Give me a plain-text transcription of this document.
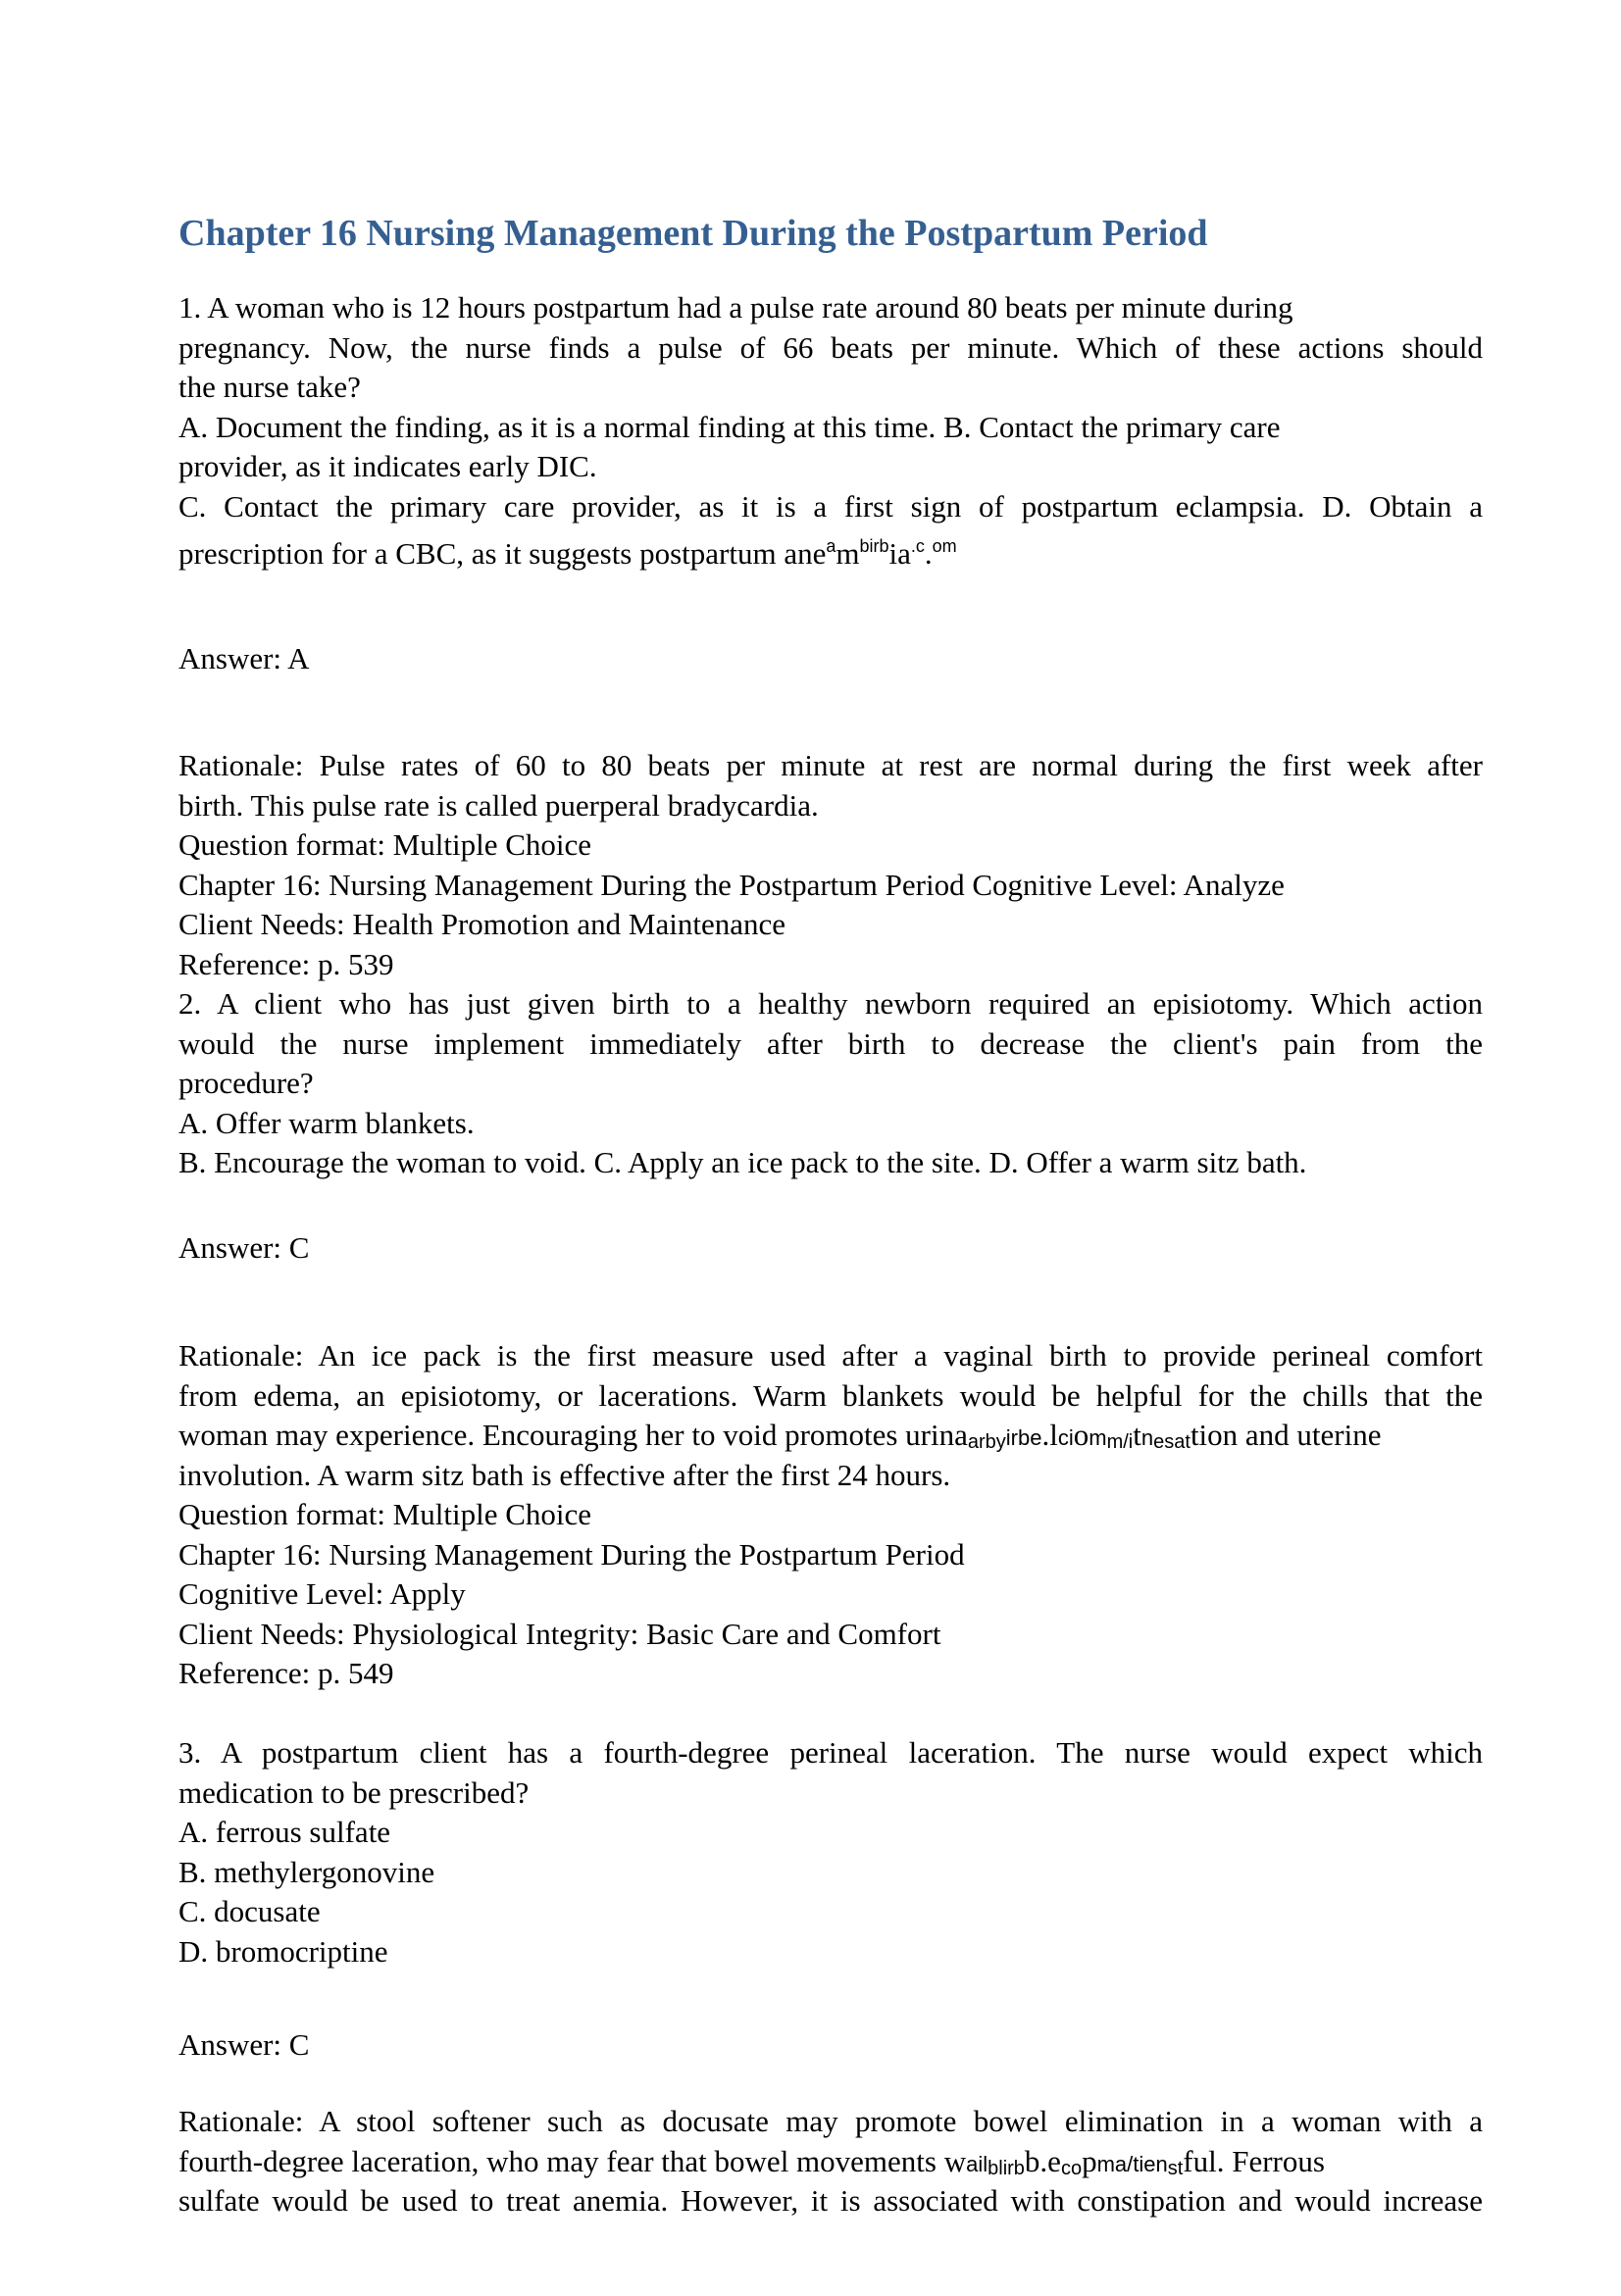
Chapter 16 Nursing Management During the Postpartum Period
1. A woman who is 12 hours postpartum had a pulse rate around 80 beats per minute during
pregnancy. Now, the nurse finds a pulse of 66 beats per minute. Which of these actions should
the nurse take?
A. Document the finding, as it is a normal finding at this time. B. Contact the primary care
provider, as it indicates early DIC.
C. Contact the primary care provider, as it is a first sign of postpartum eclampsia. D. Obtain a
prescription for a CBC, as it suggests postpartum $ane^am^{birb}ia^{.c}.^{om}$
Answer: A
Rationale: Pulse rates of 60 to 80 beats per minute at rest are normal during the first week after
birth. This pulse rate is called puerperal bradycardia.
Question format: Multiple Choice
Chapter 16: Nursing Management During the Postpartum Period Cognitive Level: Analyze
Client Needs: Health Promotion and Maintenance
Reference: p. 539
2. A client who has just given birth to a healthy newborn required an episiotomy. Which action
would the nurse implement immediately after birth to decrease the client's pain from the
procedure?
A. Offer warm blankets.
B. Encourage the woman to void. C. Apply an ice pack to the site. D. Offer a warm sitz bath.
Answer: C
Rationale: An ice pack is the first measure used after a vaginal birth to provide perineal comfort
from edema, an episiotomy, or lacerations. Warm blankets would be helpful for the chills that the
woman may experience. Encouraging her to void promotes urinaarbyirbe.lciomm/itnesattion and uterine
involution. A warm sitz bath is effective after the first 24 hours.
Question format: Multiple Choice
Chapter 16: Nursing Management During the Postpartum Period
Cognitive Level: Apply
Client Needs: Physiological Integrity: Basic Care and Comfort
Reference: p. 549
3. A postpartum client has a fourth-degree perineal laceration. The nurse would expect which
medication to be prescribed?
A. ferrous sulfate
B. methylergonovine
C. docusate
D. bromocriptine
Answer: C
Rationale: A stool softener such as docusate may promote bowel elimination in a woman with a
fourth-degree laceration, who may fear that bowel movements wailblirbb.ecopma/tienstful. Ferrous
sulfate would be used to treat anemia. However, it is associated with constipation and would increase
